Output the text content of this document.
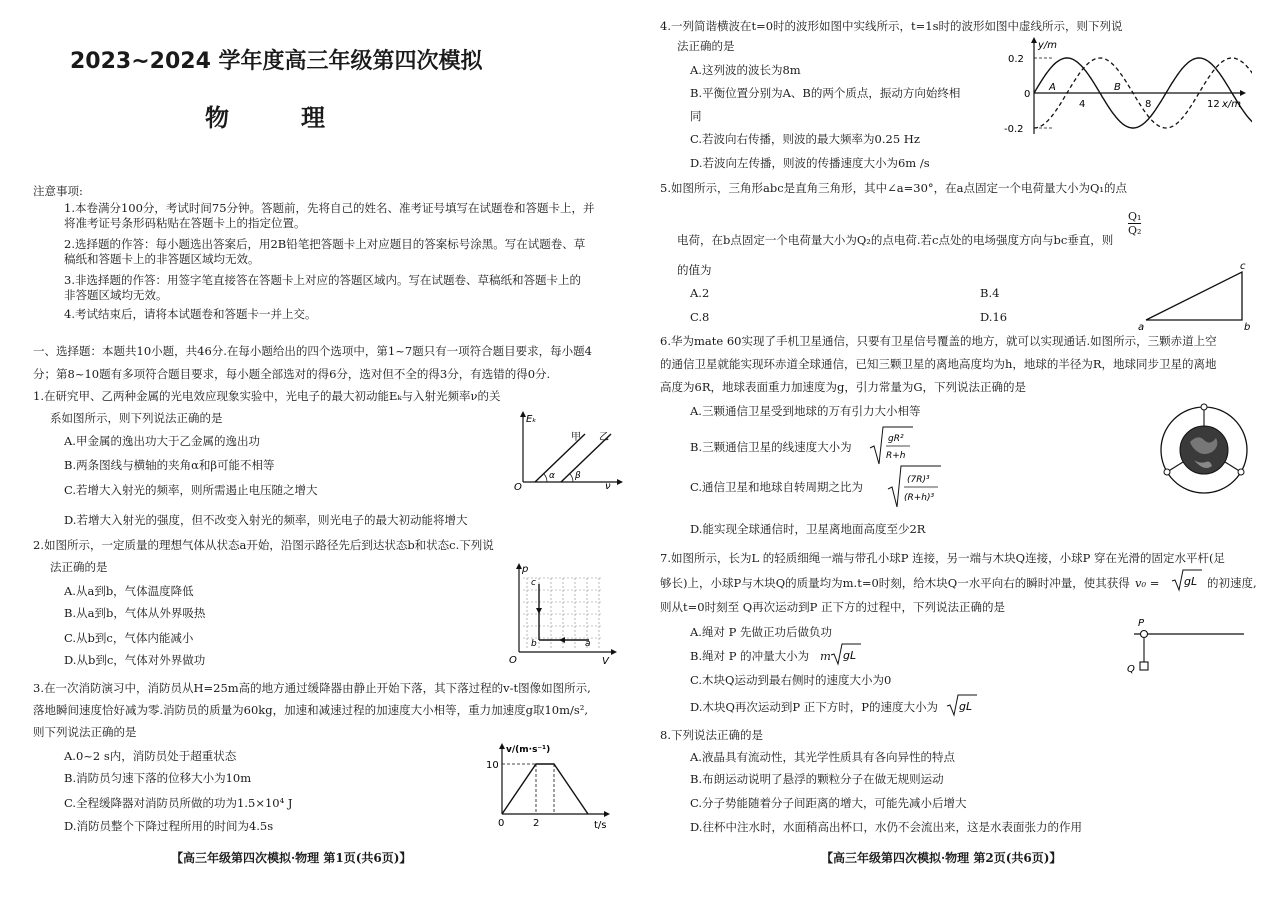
2023~2024 学年度高三年级第四次模拟
物理
注意事项:
1.本卷满分100分，考试时间75分钟。答题前，先将自己的姓名、准考证号填写在试题卷和答题卡上，并
将准考证号条形码粘贴在答题卡上的指定位置。
2.选择题的作答：每小题选出答案后，用2B铅笔把答题卡上对应题目的答案标号涂黑。写在试题卷、草
稿纸和答题卡上的非答题区域均无效。
3.非选择题的作答：用签字笔直接答在答题卡上对应的答题区域内。写在试题卷、草稿纸和答题卡上的
非答题区域均无效。
4.考试结束后，请将本试题卷和答题卡一并上交。
一、选择题：本题共10小题，共46分.在每小题给出的四个选项中，第1~7题只有一项符合题目要求，每小题4
分；第8~10题有多项符合题目要求，每小题全部选对的得6分，选对但不全的得3分，有选错的得0分.
1.在研究甲、乙两种金属的光电效应现象实验中，光电子的最大初动能Eₖ与入射光频率ν的关
系如图所示，则下列说法正确的是
A.甲金属的逸出功大于乙金属的逸出功
B.两条图线与横轴的夹角α和β可能不相等
C.若增大入射光的频率，则所需遏止电压随之增大
D.若增大入射光的强度，但不改变入射光的频率，则光电子的最大初动能将增大
Eₖ
O	ν
甲 乙
α β
2.如图所示，一定质量的理想气体从状态a开始，沿图示路径先后到达状态b和状态c.下列说
法正确的是
A.从a到b，气体温度降低
B.从a到b，气体从外界吸热
C.从b到c，气体内能减小
D.从b到c，气体对外界做功
p
O	V
c
b	a
3.在一次消防演习中，消防员从H=25m高的地方通过缓降器由静止开始下落，其下落过程的v-t图像如图所示,
落地瞬间速度恰好减为零.消防员的质量为60kg，加速和减速过程的加速度大小相等，重力加速度g取10m/s²,
则下列说法正确的是
A.0~2 s内，消防员处于超重状态
B.消防员匀速下落的位移大小为10m
C.全程缓降器对消防员所做的功为1.5×10⁴ J
D.消防员整个下降过程所用的时间为4.5s
v/(m·s⁻¹)
10
0	2	t/s
【高三年级第四次模拟·物理 第1页(共6页)】
4.一列简谐横波在t=0时的波形如图中实线所示，t=1s时的波形如图中虚线所示，则下列说
法正确的是
A.这列波的波长为8m
B.平衡位置分别为A、B的两个质点，振动方向始终相
同
C.若波向右传播，则波的最大频率为0.25 Hz
D.若波向左传播，则波的传播速度大小为6m /s
y/m
0.2
-0.2
0
4	8	12 x/m
A	B
5.如图所示，三角形abc是直角三角形，其中∠a=30°，在a点固定一个电荷量大小为Q₁的点
电荷，在b点固定一个电荷量大小为Q₂的点电荷.若c点处的电场强度方向与bc垂直，则
的值为
$\frac{\text{Q₁}}{\text{Q₂}}$
A.2	B.4
C.8	D.16
a	b
c
6.华为mate 60实现了手机卫星通信，只要有卫星信号覆盖的地方，就可以实现通话.如图所示，三颗赤道上空
的通信卫星就能实现环赤道全球通信，已知三颗卫星的离地高度均为h，地球的半径为R，地球同步卫星的离地
高度为6R，地球表面重力加速度为g，引力常量为G，下列说法正确的是
A.三颗通信卫星受到地球的万有引力大小相等
B.三颗通信卫星的线速度大小为
gR²
R+h
C.通信卫星和地球自转周期之比为	(7R)³
(R+h)³
D.能实现全球通信时，卫星离地面高度至少2R
7.如图所示，长为L 的轻质细绳一端与带孔小球P 连接，另一端与木块Q连接，小球P 穿在光滑的固定水平杆(足
够长)上，小球P与木块Q的质量均为m.t=0时刻，给木块Q一水平向右的瞬时冲量，使其获得 v₀ = gL 的初速度,
则从t=0时刻至 Q再次运动到P 正下方的过程中，下列说法正确的是
A.绳对 P 先做正功后做负功
B.绳对 P 的冲量大小为 m gL
C.木块Q运动到最右侧时的速度大小为0
D.木块Q再次运动到P 正下方时，P的速度大小为 gL
P
Q
8.下列说法正确的是
A.液晶具有流动性，其光学性质具有各向异性的特点
B.布朗运动说明了悬浮的颗粒分子在做无规则运动
C.分子势能随着分子间距离的增大，可能先减小后增大
D.往杯中注水时，水面稍高出杯口，水仍不会流出来，这是水表面张力的作用
【高三年级第四次模拟·物理 第2页(共6页)】
